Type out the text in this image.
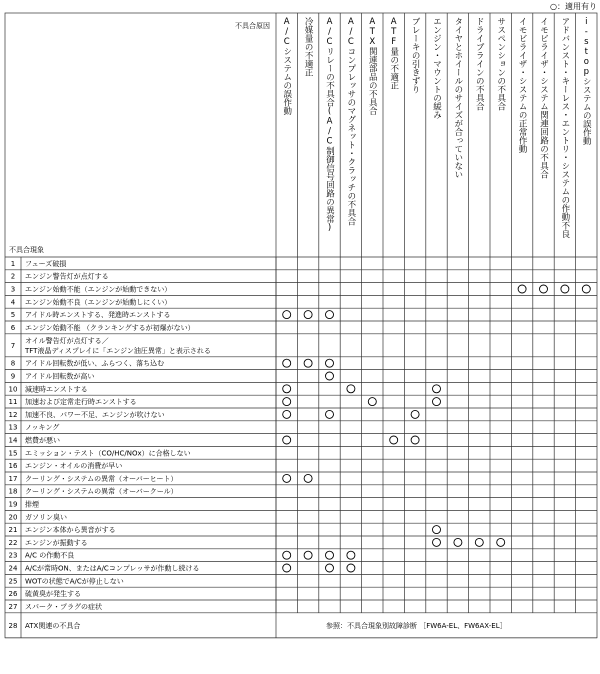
○：適用有り
不具合原因
不具合現象
A/Cシステムの誤作動 冷媒量の不適正 A/Cリレーの不具合(A/C制御信号回路の異常) A/Cコンプレッサのマグネット・クラッチの不具合 ATX関連部品の不具合 ATF量の不適正 ブレーキの引きずり エンジン・マウントの緩み タイヤとホイールのサイズが合っていない ドライブラインの不具合 サスペンションの不具合 イモビライザ・システムの正常作動 イモビライザ・システム関連回路の不具合 アドバンスト・キーレス・エントリ・システムの作動不良 i-stopシステムの誤作動
1 フューズ破損
2 エンジン警告灯が点灯する
3 エンジン始動不能（エンジンが始動できない）
4 エンジン始動不良（エンジンが始動しにくい）
5 アイドル時エンストする、発進時エンストする
6 エンジン始動不能 （クランキングするが初爆がない）
7
オイル警告灯が点灯する／
TFT液晶ディスプレイに「エンジン油圧異常」と表示される
8 アイドル回転数が低い、ふらつく、落ち込む
9 アイドル回転数が高い
10 減速時エンストする
11 加速および定常走行時エンストする
12 加速不良、パワー不足、エンジンが吹けない
13 ノッキング
14 燃費が悪い
15 エミッション・テスト（CO/HC/NOx）に合格しない
16 エンジン・オイルの消費が早い
17 クーリング・システムの異常（オーバーヒート）
18 クーリング・システムの異常（オーバークール）
19 排煙
20 ガソリン臭い
21 エンジン本体から異音がする
22 エンジンが振動する
23 A/C の作動不良
24 A/Cが常時ON、またはA/Cコンプレッサが作動し続ける
25 WOTの状態でA/Cが停止しない
26 硫黄臭が発生する
27 スパーク・プラグの症状
28 ATX関連の不具合	参照：不具合現象別故障診断 ［FW6A-EL、FW6AX-EL］
